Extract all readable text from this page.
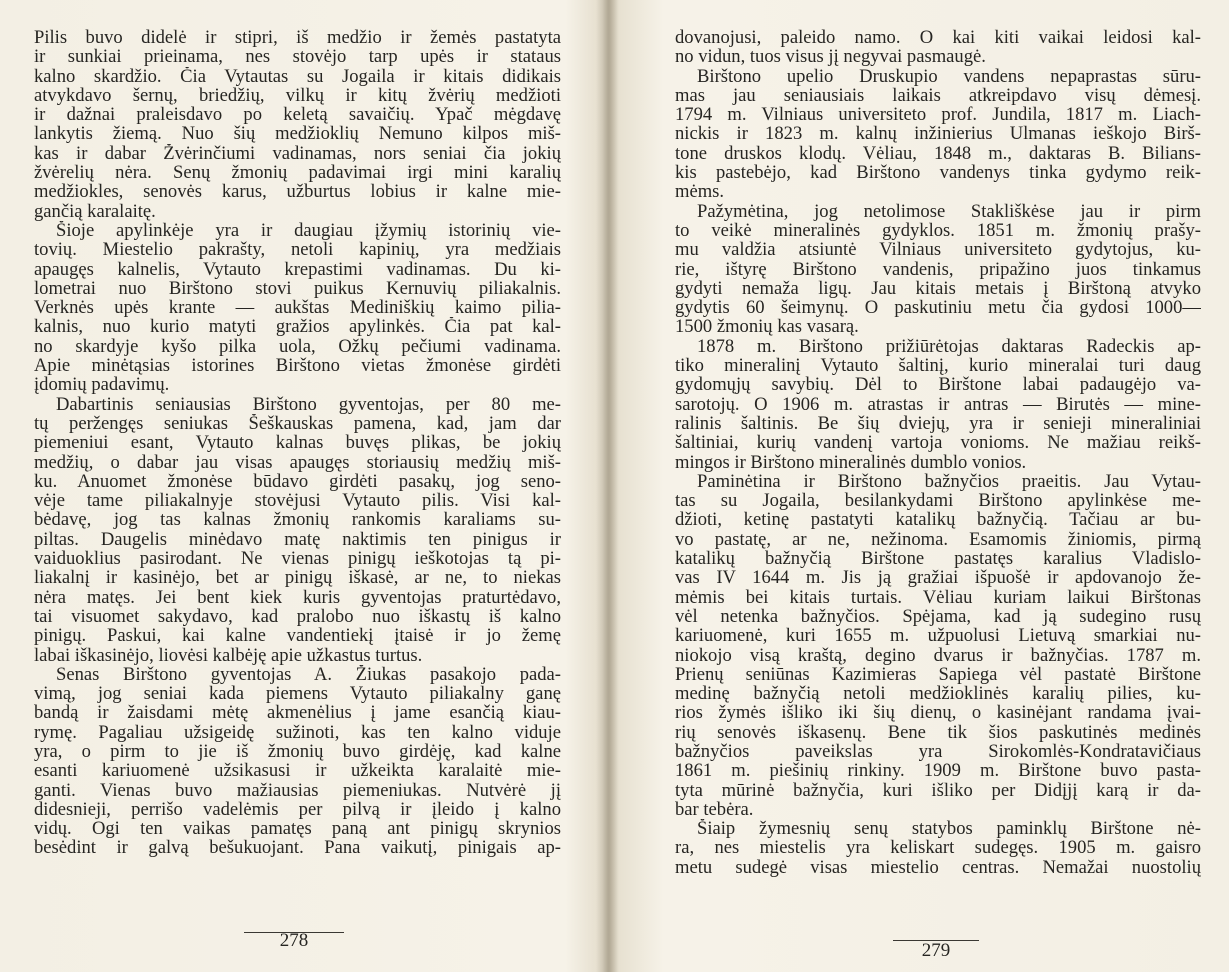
Pilis buvo didelė ir stipri, iš medžio ir žemės pastatyta
ir sunkiai prieinama, nes stovėjo tarp upės ir stataus
kalno skardžio. Čia Vytautas su Jogaila ir kitais didikais
atvykdavo šernų, briedžių, vilkų ir kitų žvėrių medžioti
ir dažnai praleisdavo po keletą savaičių. Ypač mėgdavę
lankytis žiemą. Nuo šių medžioklių Nemuno kilpos miš-
kas ir dabar Žvėrinčiumi vadinamas, nors seniai čia jokių
žvėrelių nėra. Senų žmonių padavimai irgi mini karalių
medžiokles, senovės karus, užburtus lobius ir kalne mie-
gančią karalaitę.
Šioje apylinkėje yra ir daugiau įžymių istorinių vie-
tovių. Miestelio pakrašty, netoli kapinių, yra medžiais
apaugęs kalnelis, Vytauto krepastimi vadinamas. Du ki-
lometrai nuo Birštono stovi puikus Kernuvių piliakalnis.
Verknės upės krante — aukštas Mediniškių kaimo pilia-
kalnis, nuo kurio matyti gražios apylinkės. Čia pat kal-
no skardyje kyšo pilka uola, Ožkų pečiumi vadinama.
Apie minėtąsias istorines Birštono vietas žmonėse girdėti
įdomių padavimų.
Dabartinis seniausias Birštono gyventojas, per 80 me-
tų peržengęs seniukas Šeškauskas pamena, kad, jam dar
piemeniui esant, Vytauto kalnas buvęs plikas, be jokių
medžių, o dabar jau visas apaugęs storiausių medžių miš-
ku. Anuomet žmonėse būdavo girdėti pasakų, jog seno-
vėje tame piliakalnyje stovėjusi Vytauto pilis. Visi kal-
bėdavę, jog tas kalnas žmonių rankomis karaliams su-
piltas. Daugelis minėdavo matę naktimis ten pinigus ir
vaiduoklius pasirodant. Ne vienas pinigų ieškotojas tą pi-
liakalnį ir kasinėjo, bet ar pinigų iškasė, ar ne, to niekas
nėra matęs. Jei bent kiek kuris gyventojas praturtėdavo,
tai visuomet sakydavo, kad pralobo nuo iškastų iš kalno
pinigų. Paskui, kai kalne vandentiekį įtaisė ir jo žemę
labai iškasinėjo, liovėsi kalbėję apie užkastus turtus.
Senas Birštono gyventojas A. Žiukas pasakojo pada-
vimą, jog seniai kada piemens Vytauto piliakalny ganę
bandą ir žaisdami mėtę akmenėlius į jame esančią kiau-
rymę. Pagaliau užsigeidę sužinoti, kas ten kalno viduje
yra, o pirm to jie iš žmonių buvo girdėję, kad kalne
esanti kariuomenė užsikasusi ir užkeikta karalaitė mie-
ganti. Vienas buvo mažiausias piemeniukas. Nutvėrė jį
didesnieji, perrišo vadelėmis per pilvą ir įleido į kalno
vidų. Ogi ten vaikas pamatęs paną ant pinigų skrynios
besėdint ir galvą bešukuojant. Pana vaikutį, pinigais ap-
278
dovanojusi, paleido namo. O kai kiti vaikai leidosi kal-
no vidun, tuos visus jį negyvai pasmaugė.
Birštono upelio Druskupio vandens nepaprastas sūru-
mas jau seniausiais laikais atkreipdavo visų dėmesį.
1794 m. Vilniaus universiteto prof. Jundila, 1817 m. Liach-
nickis ir 1823 m. kalnų inžinierius Ulmanas ieškojo Birš-
tone druskos klodų. Vėliau, 1848 m., daktaras B. Bilians-
kis pastebėjo, kad Birštono vandenys tinka gydymo reik-
mėms.
Pažymėtina, jog netolimose Stakliškėse jau ir pirm
to veikė mineralinės gydyklos. 1851 m. žmonių prašy-
mu valdžia atsiuntė Vilniaus universiteto gydytojus, ku-
rie, ištyrę Birštono vandenis, pripažino juos tinkamus
gydyti nemaža ligų. Jau kitais metais į Birštoną atvyko
gydytis 60 šeimynų. O paskutiniu metu čia gydosi 1000—
1500 žmonių kas vasarą.
1878 m. Birštono prižiūrėtojas daktaras Radeckis ap-
tiko mineralinį Vytauto šaltinį, kurio mineralai turi daug
gydomųjų savybių. Dėl to Birštone labai padaugėjo va-
sarotojų. O 1906 m. atrastas ir antras — Birutės — mine-
ralinis šaltinis. Be šių dviejų, yra ir senieji mineraliniai
šaltiniai, kurių vandenį vartoja vonioms. Ne mažiau reikš-
mingos ir Birštono mineralinės dumblo vonios.
Paminėtina ir Birštono bažnyčios praeitis. Jau Vytau-
tas su Jogaila, besilankydami Birštono apylinkėse me-
džioti, ketinę pastatyti katalikų bažnyčią. Tačiau ar bu-
vo pastatę, ar ne, nežinoma. Esamomis žiniomis, pirmą
katalikų bažnyčią Birštone pastatęs karalius Vladislo-
vas IV 1644 m. Jis ją gražiai išpuošė ir apdovanojo že-
mėmis bei kitais turtais. Vėliau kuriam laikui Birštonas
vėl netenka bažnyčios. Spėjama, kad ją sudegino rusų
kariuomenė, kuri 1655 m. užpuolusi Lietuvą smarkiai nu-
niokojo visą kraštą, degino dvarus ir bažnyčias. 1787 m.
Prienų seniūnas Kazimieras Sapiega vėl pastatė Birštone
medinę bažnyčią netoli medžioklinės karalių pilies, ku-
rios žymės išliko iki šių dienų, o kasinėjant randama įvai-
rių senovės iškasenų. Bene tik šios paskutinės medinės
bažnyčios paveikslas yra Sirokomlės-Kondratavičiaus
1861 m. piešinių rinkiny. 1909 m. Birštone buvo pasta-
tyta mūrinė bažnyčia, kuri išliko per Didįjį karą ir da-
bar tebėra.
Šiaip žymesnių senų statybos paminklų Birštone nė-
ra, nes miestelis yra keliskart sudegęs. 1905 m. gaisro
metu sudegė visas miestelio centras. Nemažai nuostolių
279
